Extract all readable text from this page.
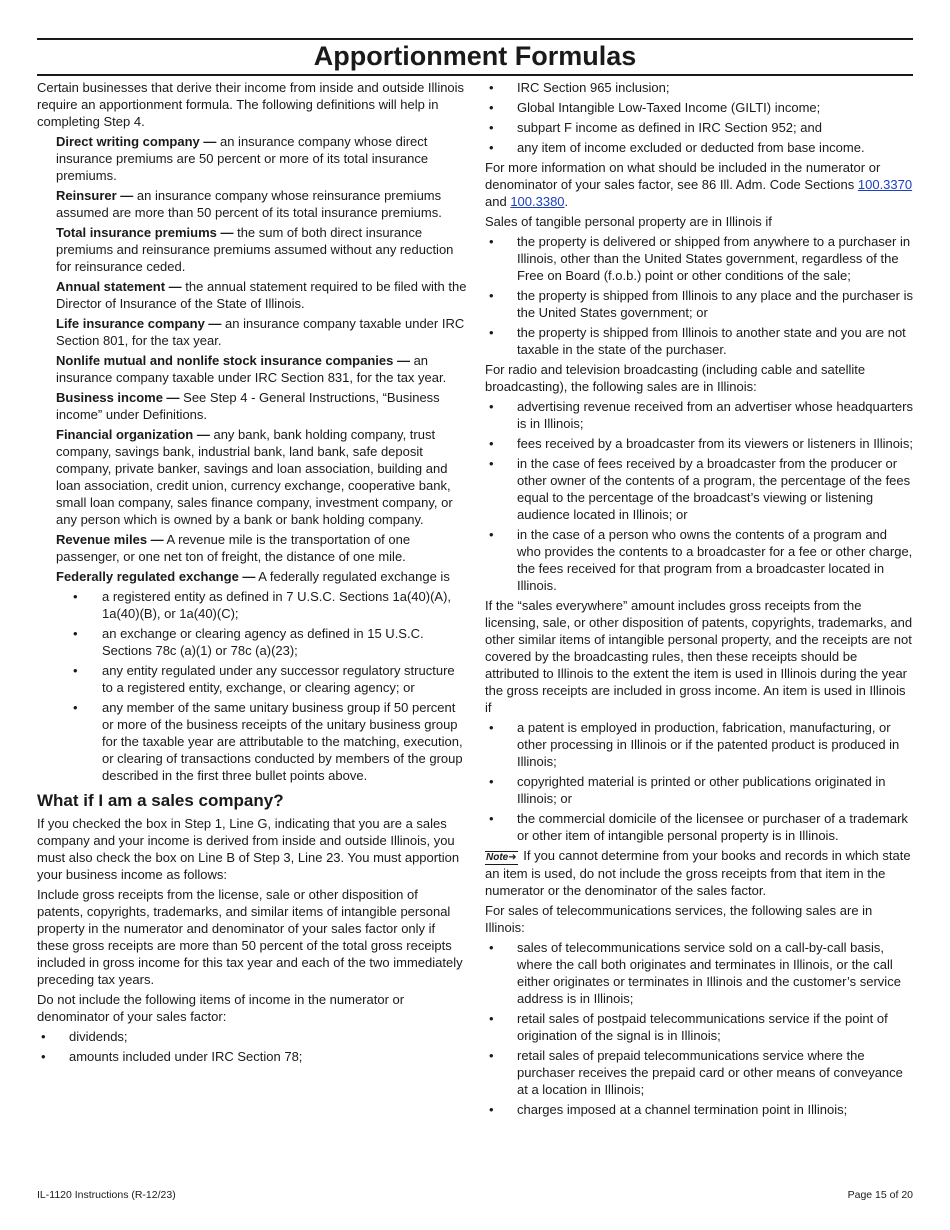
Apportionment Formulas

Certain businesses that derive their income from inside and outside Illinois require an apportionment formula. The following definitions will help in completing Step 4.

Direct writing company — an insurance company whose direct insurance premiums are 50 percent or more of its total insurance premiums.

Reinsurer — an insurance company whose reinsurance premiums assumed are more than 50 percent of its total insurance premiums.

Total insurance premiums — the sum of both direct insurance premiums and reinsurance premiums assumed without any reduction for reinsurance ceded.

Annual statement — the annual statement required to be filed with the Director of Insurance of the State of Illinois.

Life insurance company — an insurance company taxable under IRC Section 801, for the tax year.

Nonlife mutual and nonlife stock insurance companies — an insurance company taxable under IRC Section 831, for the tax year.

Business income — See Step 4 - General Instructions, “Business income” under Definitions.

Financial organization — any bank, bank holding company, trust company, savings bank, industrial bank, land bank, safe deposit company, private banker, savings and loan association, building and loan association, credit union, currency exchange, cooperative bank, small loan company, sales finance company, investment company, or any person which is owned by a bank or bank holding company.

Revenue miles — A revenue mile is the transportation of one passenger, or one net ton of freight, the distance of one mile.

Federally regulated exchange — A federally regulated exchange is

• a registered entity as defined in 7 U.S.C. Sections 1a(40)(A), 1a(40)(B), or 1a(40)(C);
• an exchange or clearing agency as defined in 15 U.S.C. Sections 78c (a)(1) or 78c (a)(23);
• any entity regulated under any successor regulatory structure to a registered entity, exchange, or clearing agency; or
• any member of the same unitary business group if 50 percent or more of the business receipts of the unitary business group for the taxable year are attributable to the matching, execution, or clearing of transactions conducted by members of the group described in the first three bullet points above.
What if I am a sales company?

If you checked the box in Step 1, Line G, indicating that you are a sales company and your income is derived from inside and outside Illinois, you must also check the box on Line B of Step 3, Line 23. You must apportion your business income as follows:

Include gross receipts from the license, sale or other disposition of patents, copyrights, trademarks, and similar items of intangible personal property in the numerator and denominator of your sales factor only if these gross receipts are more than 50 percent of the total gross receipts included in gross income for this tax year and each of the two immediately preceding tax years.

Do not include the following items of income in the numerator or denominator of your sales factor:

• dividends;
• amounts included under IRC Section 78;
• IRC Section 965 inclusion;
• Global Intangible Low-Taxed Income (GILTI) income;
• subpart F income as defined in IRC Section 952; and
• any item of income excluded or deducted from base income.

For more information on what should be included in the numerator or denominator of your sales factor, see 86 Ill. Adm. Code Sections 100.3370 and 100.3380.

Sales of tangible personal property are in Illinois if

• the property is delivered or shipped from anywhere to a purchaser in Illinois, other than the United States government, regardless of the Free on Board (f.o.b.) point or other conditions of the sale;
• the property is shipped from Illinois to any place and the purchaser is the United States government; or
• the property is shipped from Illinois to another state and you are not taxable in the state of the purchaser.

For radio and television broadcasting (including cable and satellite broadcasting), the following sales are in Illinois:

• advertising revenue received from an advertiser whose headquarters is in Illinois;
• fees received by a broadcaster from its viewers or listeners in Illinois;
• in the case of fees received by a broadcaster from the producer or other owner of the contents of a program, the percentage of the fees equal to the percentage of the broadcast’s viewing or listening audience located in Illinois; or
• in the case of a person who owns the contents of a program and who provides the contents to a broadcaster for a fee or other charge, the fees received for that program from a broadcaster located in Illinois.

If the “sales everywhere” amount includes gross receipts from the licensing, sale, or other disposition of patents, copyrights, trademarks, and other similar items of intangible personal property, and the receipts are not covered by the broadcasting rules, then these receipts should be attributed to Illinois to the extent the item is used in Illinois during the year the gross receipts are included in gross income. An item is used in Illinois if

• a patent is employed in production, fabrication, manufacturing, or other processing in Illinois or if the patented product is produced in Illinois;
• copyrighted material is printed or other publications originated in Illinois; or
• the commercial domicile of the licensee or purchaser of a trademark or other item of intangible personal property is in Illinois.

Note➜ If you cannot determine from your books and records in which state an item is used, do not include the gross receipts from that item in the numerator or the denominator of the sales factor.

For sales of telecommunications services, the following sales are in Illinois:

• sales of telecommunications service sold on a call-by-call basis, where the call both originates and terminates in Illinois, or the call either originates or terminates in Illinois and the customer’s service address is in Illinois;
• retail sales of postpaid telecommunications service if the point of origination of the signal is in Illinois;
• retail sales of prepaid telecommunications service where the purchaser receives the prepaid card or other means of conveyance at a location in Illinois;
• charges imposed at a channel termination point in Illinois;
IL-1120 Instructions (R-12/23)	Page 15 of 20
